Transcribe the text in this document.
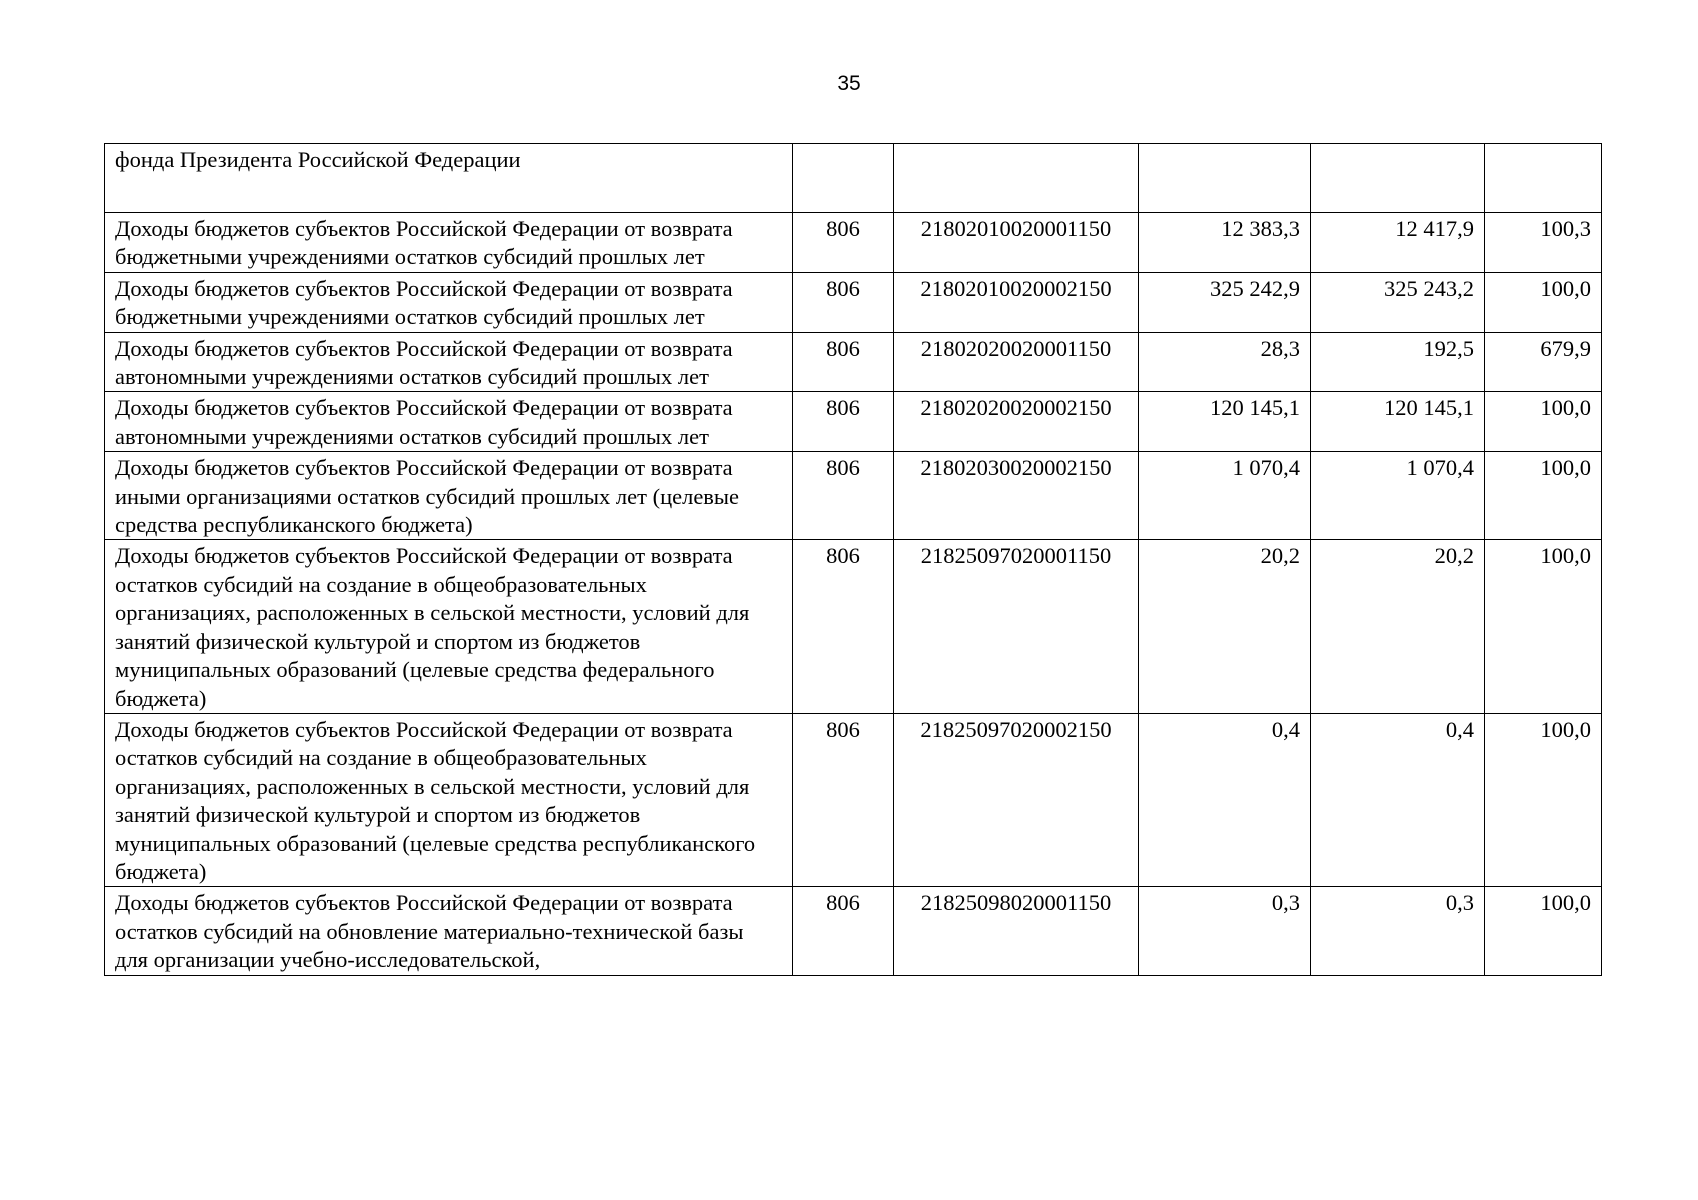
35
фонда Президента Российской Федерации					
Доходы бюджетов субъектов Российской Федерации от возврата бюджетными учреждениями остатков субсидий прошлых лет	806	21802010020001150	12 383,3	12 417,9	100,3
Доходы бюджетов субъектов Российской Федерации от возврата бюджетными учреждениями остатков субсидий прошлых лет	806	21802010020002150	325 242,9	325 243,2	100,0
Доходы бюджетов субъектов Российской Федерации от возврата автономными учреждениями остатков субсидий прошлых лет	806	21802020020001150	28,3	192,5	679,9
Доходы бюджетов субъектов Российской Федерации от возврата автономными учреждениями остатков субсидий прошлых лет	806	21802020020002150	120 145,1	120 145,1	100,0
Доходы бюджетов субъектов Российской Федерации от возврата иными организациями остатков субсидий прошлых лет (целевые средства республиканского бюджета)	806	21802030020002150	1 070,4	1 070,4	100,0
Доходы бюджетов субъектов Российской Федерации от возврата остатков субсидий на создание в общеобразовательных организациях, расположенных в сельской местности, условий для занятий физической культурой и спортом из бюджетов муниципальных образований (целевые средства федерального бюджета)	806	21825097020001150	20,2	20,2	100,0
Доходы бюджетов субъектов Российской Федерации от возврата остатков субсидий на создание в общеобразовательных организациях, расположенных в сельской местности, условий для занятий физической культурой и спортом из бюджетов муниципальных образований (целевые средства республиканского бюджета)	806	21825097020002150	0,4	0,4	100,0
Доходы бюджетов субъектов Российской Федерации от возврата остатков субсидий на обновление материально-технической базы для организации учебно-исследовательской,	806	21825098020001150	0,3	0,3	100,0
